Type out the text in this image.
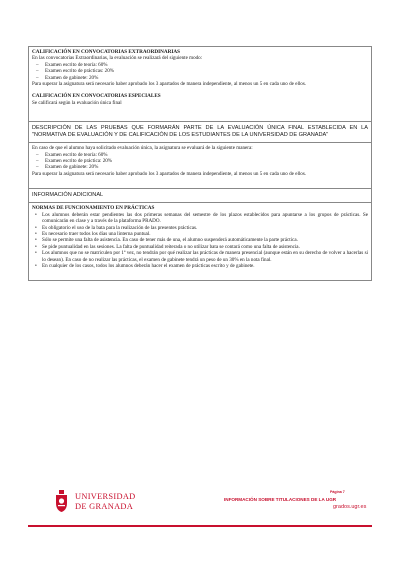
CALIFICACIÓN EN CONVOCATORIAS EXTRAORDINARIAS
En las convocatorias Extraordinarias, la evaluación se realizará del siguiente modo:
– Examen escrito de teoría: 60%
– Examen escrito de prácticas: 20%
– Examen de gabinete: 20%
Para superar la asignatura será necesario haber aprobado los 3 apartados de manera independiente, al menos un 5 en cada uno de ellos.
CALIFICACIÓN EN CONVOCATORIAS ESPECIALES
Se calificará según la evaluación única final
DESCRIPCIÓN DE LAS PRUEBAS QUE FORMARÁN PARTE DE LA EVALUACIÓN ÚNICA FINAL ESTABLECIDA EN LA "NORMATIVA DE EVALUACIÓN Y DE CALIFICACIÓN DE LOS ESTUDIANTES DE LA UNIVERSIDAD DE GRANADA"
En caso de que el alumno haya solicitado evaluación única, la asignatura se evaluará de la siguiente manera:
– Examen escrito de teoría: 60%
– Examen escrito de práctica: 20%
– Examen de gabinete: 20%
Para superar la asignatura será necesario haber aprobado los 3 apartados de manera independiente, al menos un 5 en cada uno de ellos.
INFORMACIÓN ADICIONAL
NORMAS DE FUNCIONAMIENTO EN PRÁCTICAS
• Los alumnos deberán estar pendientes las dos primeras semanas del semestre de los plazos establecidos para apuntarse a los grupos de prácticas. Se comunicarán en clase y a través de la plataforma PRADO.
• Es obligatorio el uso de la bata para la realización de las presentes prácticas.
• Es necesario traer todos los días una linterna puntual.
• Sólo se permite una falta de asistencia. En caso de tener más de una, el alumno suspenderá automáticamente la parte práctica.
• Se pide puntualidad en las sesiones. La falta de puntualidad reiterada o no utilizar bata se contará como una falta de asistencia.
• Los alumnos que no se matriculen por 1ª vez, no tendrán por qué realizar las prácticas de manera presencial (aunque están en su derecho de volver a hacerlas si lo desean). En caso de no realizar las prácticas, el examen de gabinete tendrá un peso de un 30% en la nota final.
• En cualquier de los casos, todos los alumnos deberán hacer el examen de prácticas escrito y de gabinete.
UNIVERSIDAD
DE GRANADA
Página 7
INFORMACIÓN SOBRE TITULACIONES DE LA UGR
grados.ugr.es
